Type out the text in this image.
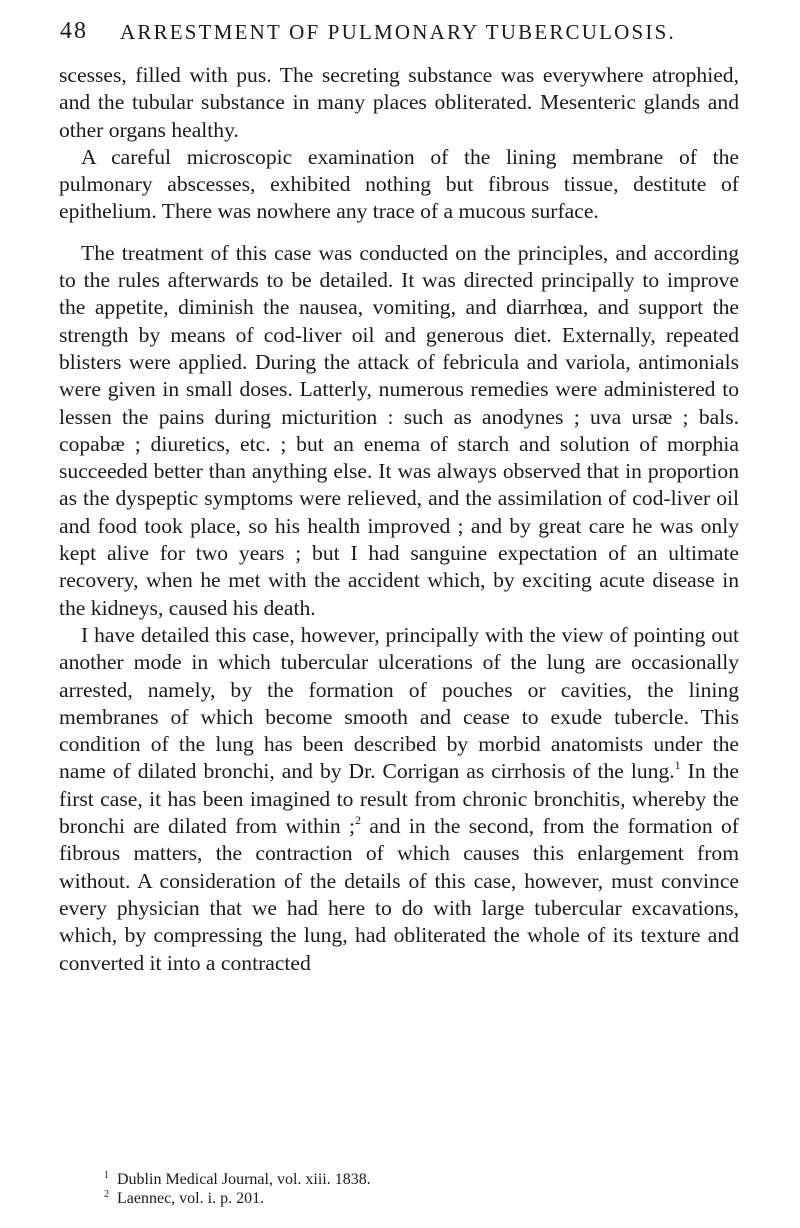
48 ARRESTMENT OF PULMONARY TUBERCULOSIS.

scesses, filled with pus. The secreting substance was everywhere atrophied, and the tubular substance in many places obliterated. Mesenteric glands and other organs healthy.

A careful microscopic examination of the lining membrane of the pulmonary abscesses, exhibited nothing but fibrous tissue, destitute of epithelium. There was nowhere any trace of a mucous surface.

The treatment of this case was conducted on the principles, and according to the rules afterwards to be detailed. It was directed principally to improve the appetite, diminish the nausea, vomiting, and diarrhœa, and support the strength by means of cod-liver oil and generous diet. Externally, repeated blisters were applied. During the attack of febricula and variola, antimonials were given in small doses. Latterly, numerous remedies were administered to lessen the pains during micturition : such as anodynes ; uva ursæ ; bals. copabæ ; diuretics, etc. ; but an enema of starch and solution of morphia succeeded better than anything else. It was always observed that in proportion as the dyspeptic symptoms were relieved, and the assimilation of cod-liver oil and food took place, so his health improved ; and by great care he was only kept alive for two years ; but I had sanguine expectation of an ultimate recovery, when he met with the accident which, by exciting acute disease in the kidneys, caused his death.

I have detailed this case, however, principally with the view of pointing out another mode in which tubercular ulcerations of the lung are occasionally arrested, namely, by the formation of pouches or cavities, the lining membranes of which become smooth and cease to exude tubercle. This condition of the lung has been described by morbid anatomists under the name of dilated bronchi, and by Dr. Corrigan as cirrhosis of the lung.$^1$ In the first case, it has been imagined to result from chronic bronchitis, whereby the bronchi are dilated from within ;$^2$ and in the second, from the formation of fibrous matters, the contraction of which causes this enlargement from without. A consideration of the details of this case, however, must convince every physician that we had here to do with large tubercular excavations, which, by compressing the lung, had obliterated the whole of its texture and converted it into a contracted

$^1$ Dublin Medical Journal, vol. xiii. 1838.

$^2$ Laennec, vol. i. p. 201.
